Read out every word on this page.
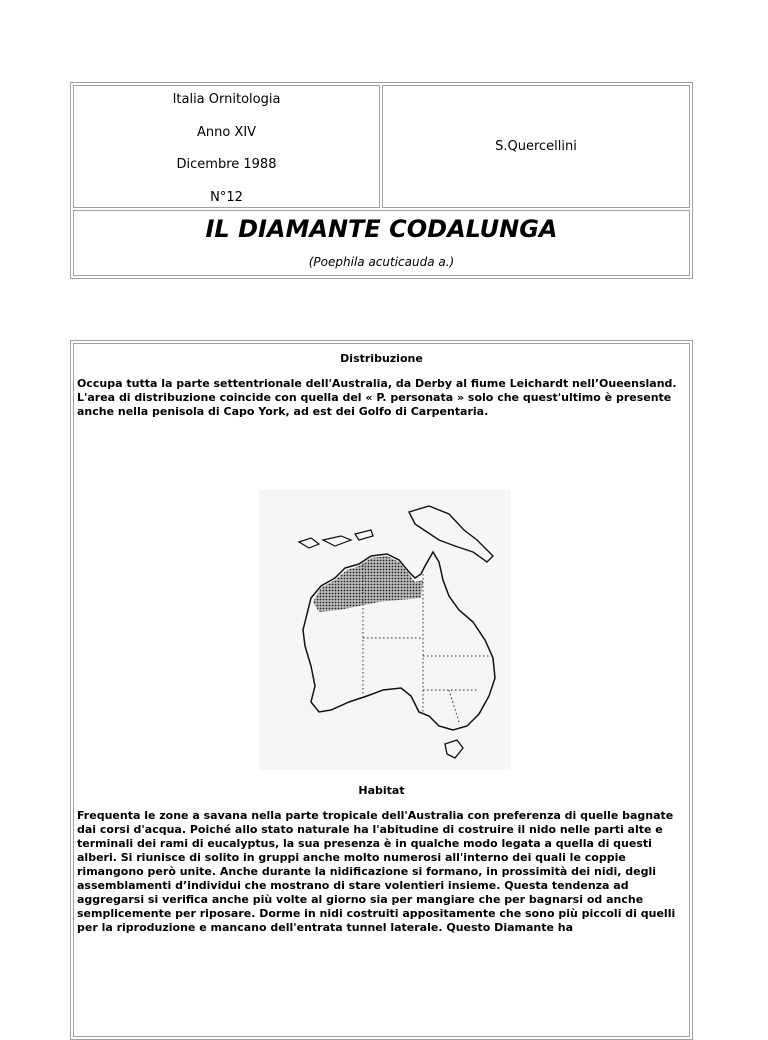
Italia Ornitologia

Anno XIV

Dicembre 1988

N°12

	S.Quercellini

IL DIAMANTE CODALUNGA

(Poephila acuticauda a.)

Distribuzione

Occupa tutta la parte settentrionale dell'Australia, da Derby al fiume Leichardt nell’Oueensland. L'area di distribuzione coincide con quella del « P. personata » solo che quest'ultimo è presente anche nella penisola di Capo York, ad est dei Golfo di Carpentaria.

Habitat

Frequenta le zone a savana nella parte tropicale dell'Australia con preferenza di quelle bagnate dai corsi d'acqua. Poiché allo stato naturale ha l'abitudine di costruire il nido nelle parti alte e terminali dei rami di eucalyptus, la sua presenza è in qualche modo legata a quella di questi alberi. Si riunisce di solito in gruppi anche molto numerosi all'interno dei quali le coppie rimangono però unite. Anche durante la nidificazione si formano, in prossimità dei nidi, degli assemblamenti d’individui che mostrano di stare volentieri insieme. Questa tendenza ad aggregarsi si verifica anche più volte al giorno sia per mangiare che per bagnarsi od anche semplicemente per riposare. Dorme in nidi costruiti appositamente che sono più piccoli di quelli per la riproduzione e mancano dell'entrata tunnel laterale. Questo Diamante ha
